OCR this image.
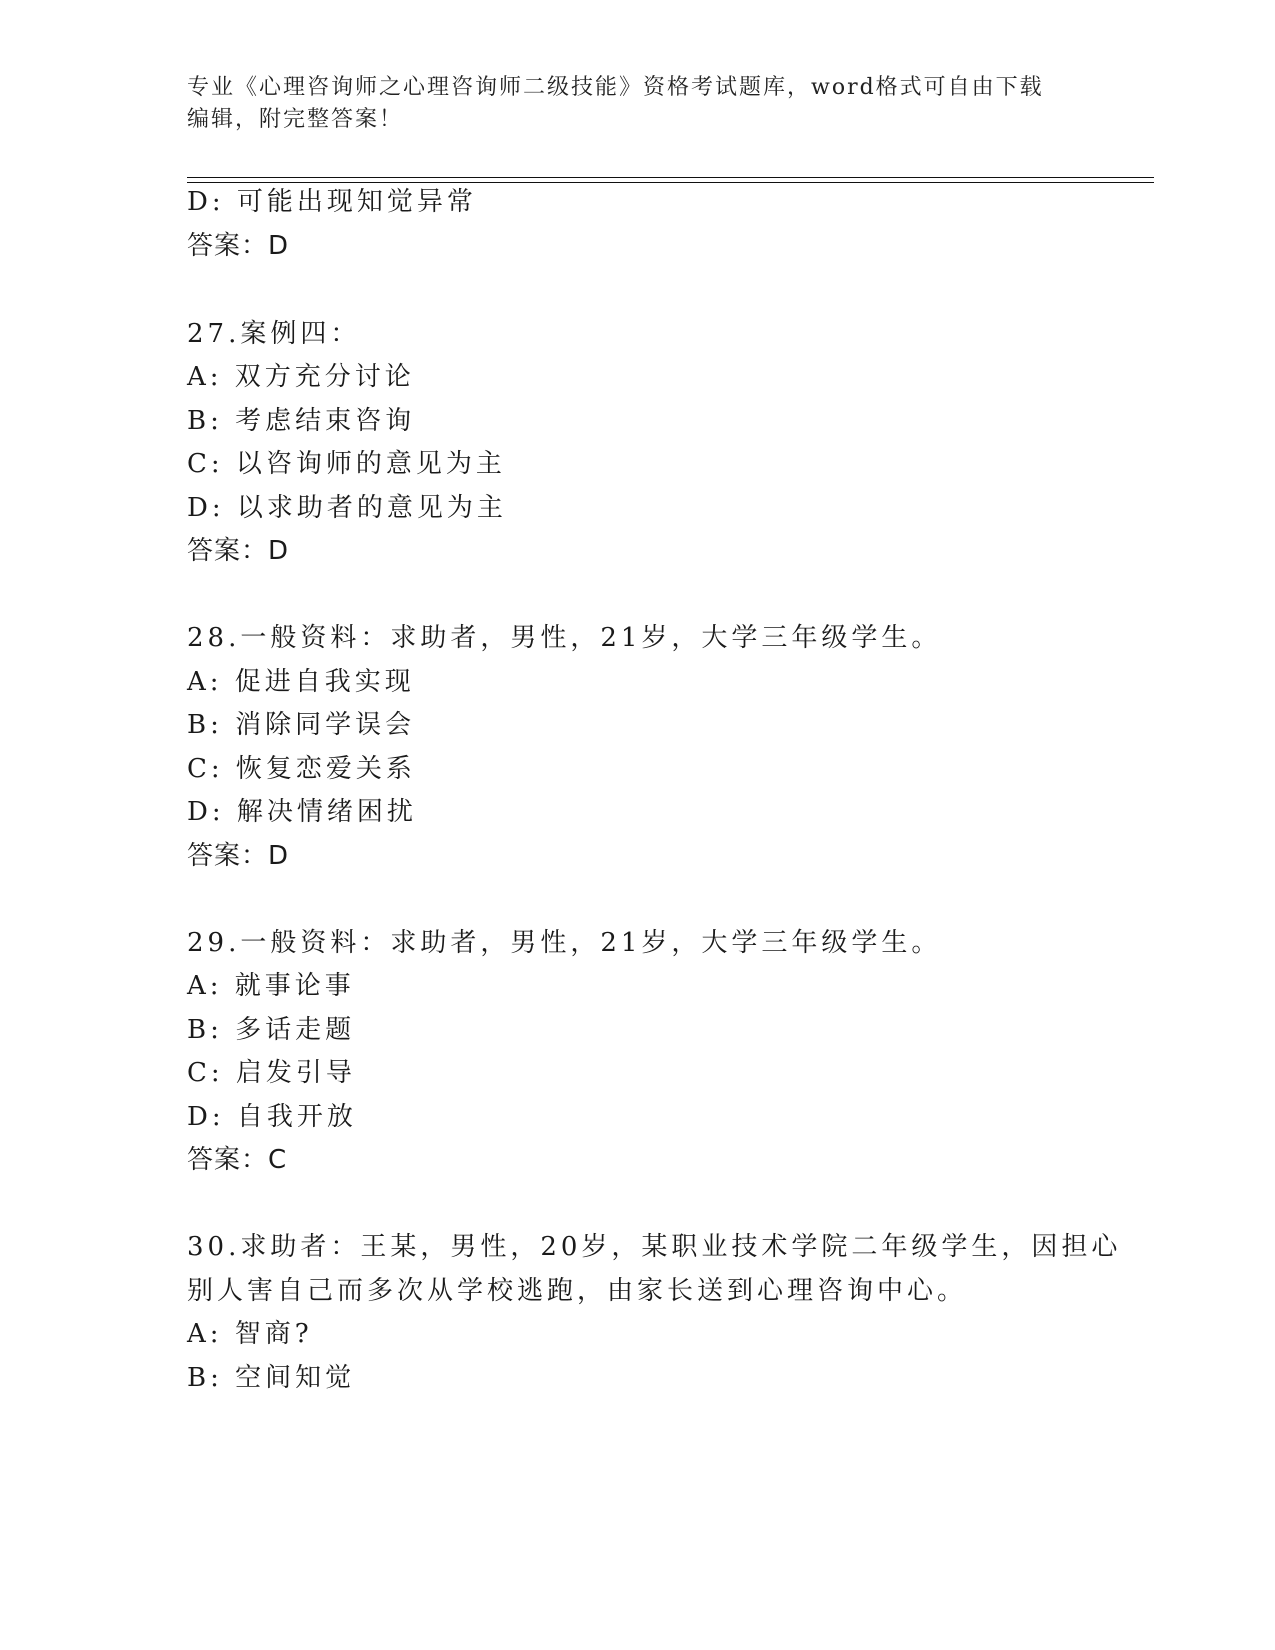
专业《心理咨询师之心理咨询师二级技能》资格考试题库，word格式可自由下载
编辑，附完整答案！
D: 可能出现知觉异常
答案：D
27.案例四：
A: 双方充分讨论
B: 考虑结束咨询
C: 以咨询师的意见为主
D: 以求助者的意见为主
答案：D
28.一般资料：求助者，男性，21岁，大学三年级学生。
A: 促进自我实现
B: 消除同学误会
C: 恢复恋爱关系
D: 解决情绪困扰
答案：D
29.一般资料：求助者，男性，21岁，大学三年级学生。
A: 就事论事
B: 多话走题
C: 启发引导
D: 自我开放
答案：C
30.求助者：王某，男性，20岁，某职业技术学院二年级学生，因担心
别人害自己而多次从学校逃跑，由家长送到心理咨询中心。
A: 智商?
B: 空间知觉
